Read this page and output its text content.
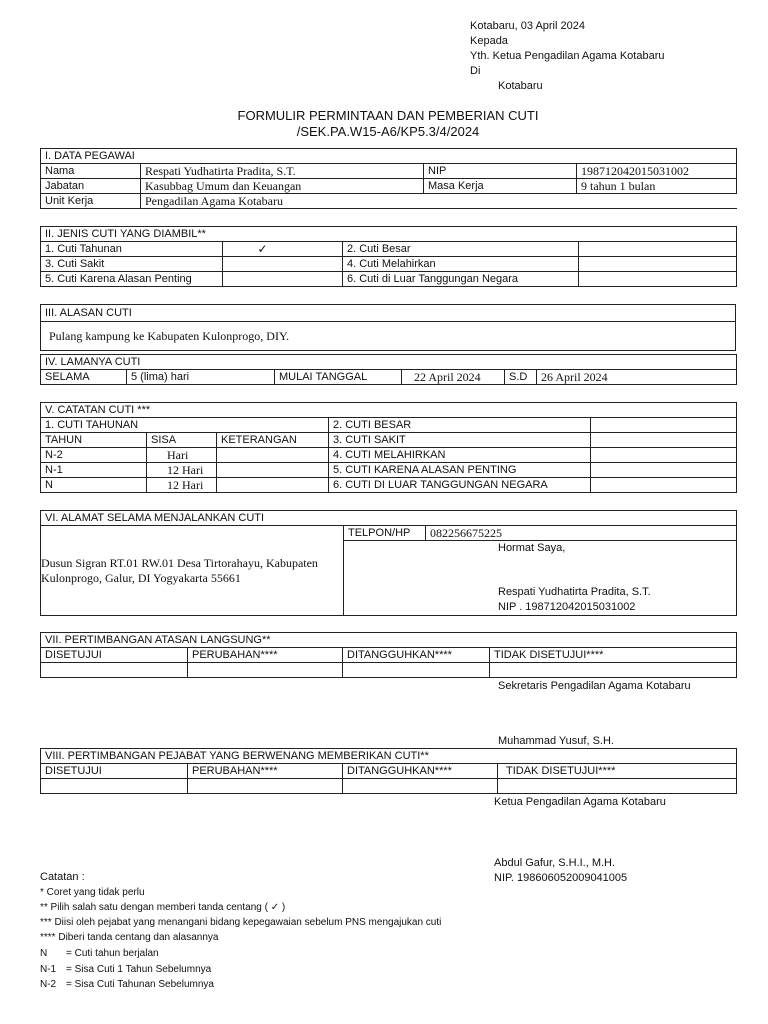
Kotabaru, 03 April 2024
Kepada
Yth. Ketua Pengadilan Agama Kotabaru
Di
Kotabaru
FORMULIR PERMINTAAN DAN PEMBERIAN CUTI
/SEK.PA.W15-A6/KP5.3/4/2024
I. DATA PEGAWAI			
Nama	Respati Yudhatirta Pradita, S.T.	NIP	198712042015031002
Jabatan	Kasubbag Umum dan Keuangan	Masa Kerja	9 tahun 1 bulan
Unit Kerja	Pengadilan Agama Kotabaru		
II. JENIS CUTI YANG DIAMBIL**			
1. Cuti Tahunan	✓	2. Cuti Besar	
3. Cuti Sakit		4. Cuti Melahirkan	
5. Cuti Karena Alasan Penting		6. Cuti di Luar Tanggungan Negara	
III. ALASAN CUTI
Pulang kampung ke Kabupaten Kulonprogo, DIY.
IV. LAMANYA CUTI
SELAMA	5 (lima) hari	MULAI TANGGAL	22 April 2024	S.D	26 April 2024
V. CATATAN CUTI ***				
1. CUTI TAHUNAN			2. CUTI BESAR	
TAHUN	SISA	KETERANGAN	3. CUTI SAKIT	
N-2	Hari		4. CUTI MELAHIRKAN	
N-1	12 Hari		5. CUTI KARENA ALASAN PENTING	
N	12 Hari		6. CUTI DI LUAR TANGGUNGAN NEGARA	
VI. ALAMAT SELAMA MENJALANKAN CUTI

Dusun Sigran RT.01 RW.01 Desa Tirtorahayu, Kabupaten
Kulonprogo, Galur, DI Yogyakarta 55661
	TELPON/HP	082256675225

Hormat Saya,
Respati Yudhatirta Pradita, S.T.
NIP . 198712042015031002
VII. PERTIMBANGAN ATASAN LANGSUNG**			
DISETUJUI	PERUBAHAN****	DITANGGUHKAN****	TIDAK DISETUJUI****

Sekretaris Pengadilan Agama Kotabaru
Muhammad Yusuf, S.H.
VIII. PERTIMBANGAN PEJABAT YANG BERWENANG MEMBERIKAN CUTI**			
DISETUJUI	PERUBAHAN****	DITANGGUHKAN****	TIDAK DISETUJUI****

Ketua Pengadilan Agama Kotabaru
Abdul Gafur, S.H.I., M.H.
NIP. 198606052009041005
Catatan :
* Coret yang tidak perlu
** Pilih salah satu dengan memberi tanda centang ( ✓ )
*** Diisi oleh pejabat yang menangani bidang kepegawaian sebelum PNS mengajukan cuti
**** Diberi tanda centang dan alasannya
N = Cuti tahun berjalan
N-1 = Sisa Cuti 1 Tahun Sebelumnya
N-2 = Sisa Cuti Tahunan Sebelumnya
